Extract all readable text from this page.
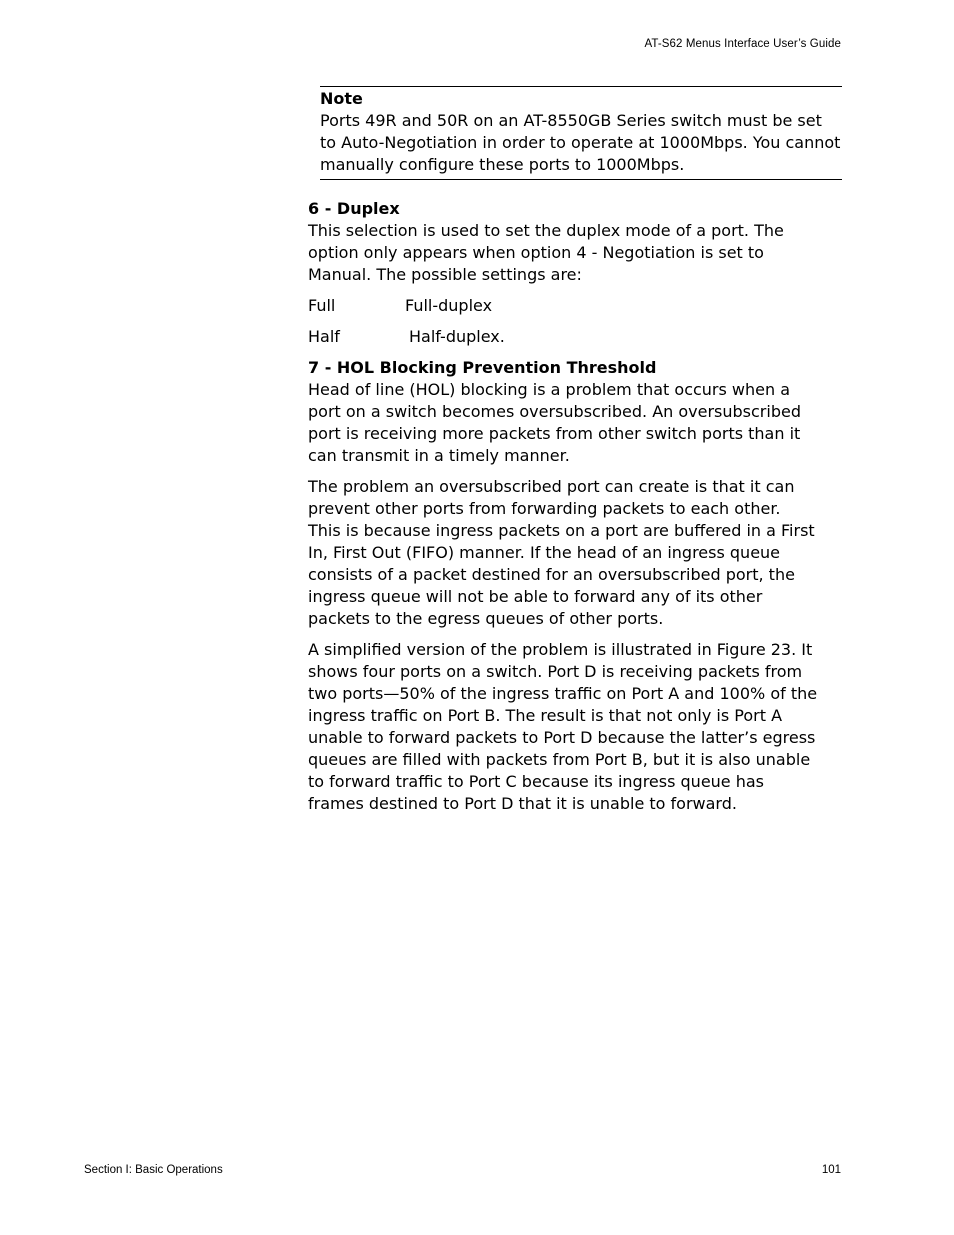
AT-S62 Menus Interface User’s Guide
Note
Ports 49R and 50R on an AT-8550GB Series switch must be set to Auto-Negotiation in order to operate at 1000Mbps. You cannot manually configure these ports to 1000Mbps.
6 - Duplex
This selection is used to set the duplex mode of a port. The option only appears when option 4 - Negotiation is set to Manual. The possible settings are:
Full	Full-duplex
Half	Half-duplex.
7 - HOL Blocking Prevention Threshold
Head of line (HOL) blocking is a problem that occurs when a port on a switch becomes oversubscribed. An oversubscribed port is receiving more packets from other switch ports than it can transmit in a timely manner.
The problem an oversubscribed port can create is that it can prevent other ports from forwarding packets to each other. This is because ingress packets on a port are buffered in a First In, First Out (FIFO) manner. If the head of an ingress queue consists of a packet destined for an oversubscribed port, the ingress queue will not be able to forward any of its other packets to the egress queues of other ports.
A simplified version of the problem is illustrated in Figure 23. It shows four ports on a switch. Port D is receiving packets from two ports—50% of the ingress traffic on Port A and 100% of the ingress traffic on Port B. The result is that not only is Port A unable to forward packets to Port D because the latter’s egress queues are filled with packets from Port B, but it is also unable to forward traffic to Port C because its ingress queue has frames destined to Port D that it is unable to forward.
Section I: Basic Operations	101
